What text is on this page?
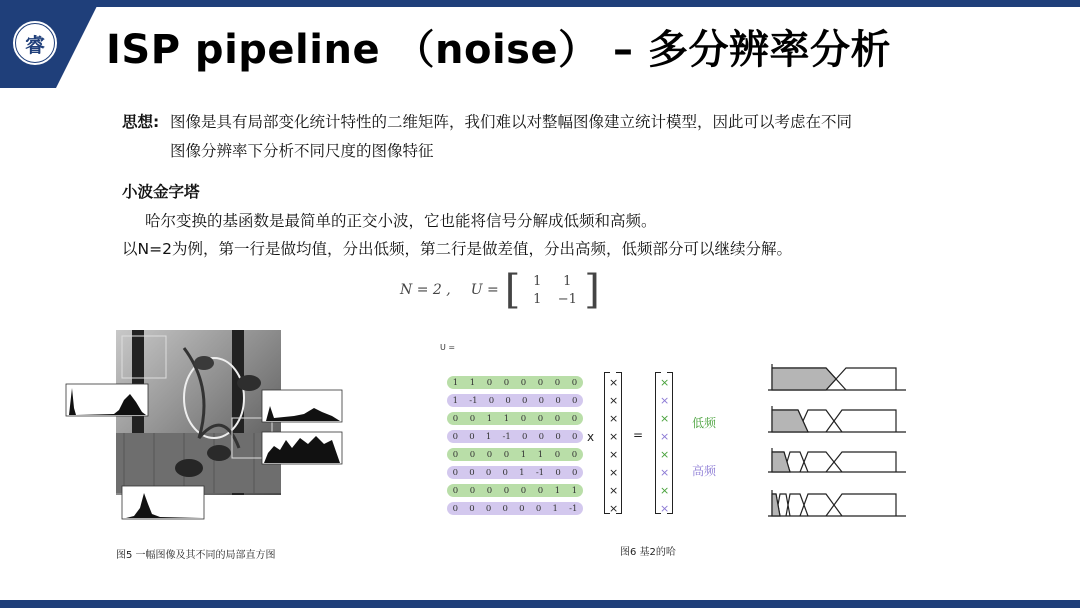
睿 ISP pipeline （noise） – 多分辨率分析
思想: 图像是具有局部变化统计特性的二维矩阵，我们难以对整幅图像建立统计模型，因此可以考虑在不同
图像分辨率下分析不同尺度的图像特征
小波金字塔
哈尔变换的基函数是最简单的正交小波，它也能将信号分解成低频和高频。
以N=2为例，第一行是做均值，分出低频，第二行是做差值，分出高频，低频部分可以继续分解。
N = 2 , U = [ 1	1
1	−1 ]
图5 一幅图像及其不同的局部直方图
U =
1 1 0 0 0 0 0 0
1 -1 0 0 0 0 0 0
0 0 1 1 0 0 0 0
0 0 1 -1 0 0 0 0
0 0 0 0 1 1 0 0
0 0 0 0 1 -1 0 0
0 0 0 0 0 0 1 1
0 0 0 0 0 0 1 -1
x	=
×
×
×
×
×
×
×
×
×
×
×
×
×
×
×
×
低频
高频
图6 基2的哈
